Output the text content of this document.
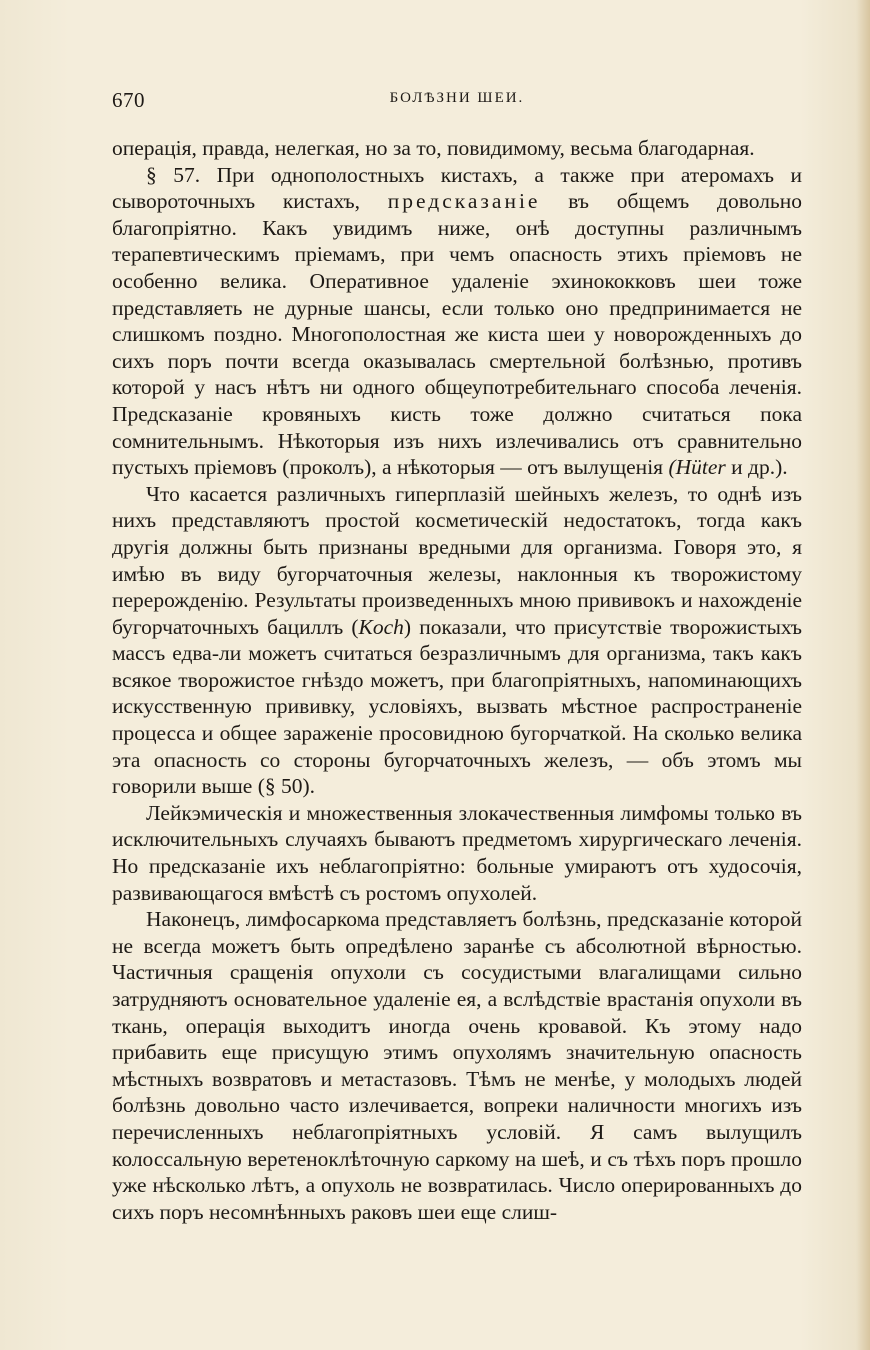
670	БОЛѢЗНИ ШЕИ.

операція, правда, нелегкая, но за то, повидимому, весьма благодарная.

§ 57. При однополостныхъ кистахъ, а также при атеромахъ и сывороточныхъ кистахъ, предсказаніе въ общемъ довольно благопріятно. Какъ увидимъ ниже, онѣ доступны различнымъ терапевтическимъ пріемамъ, при чемъ опасность этихъ пріемовъ не особенно велика. Оперативное удаленіе эхинококковъ шеи тоже представляеть не дурные шансы, если только оно предпринимается не слишкомъ поздно. Многополостная же киста шеи у новорожденныхъ до сихъ поръ почти всегда оказывалась смертельной болѣзнью, противъ которой у насъ нѣтъ ни одного общеупотребительнаго способа леченія. Предсказаніе кровяныхъ кисть тоже должно считаться пока сомнительнымъ. Нѣкоторыя изъ нихъ излечивались отъ сравнительно пустыхъ пріемовъ (проколъ), а нѣкоторыя — отъ вылущенія (Hüter и др.).

Что касается различныхъ гиперплазій шейныхъ железъ, то однѣ изъ нихъ представляютъ простой косметическій недостатокъ, тогда какъ другія должны быть признаны вредными для организма. Говоря это, я имѣю въ виду бугорчаточныя железы, наклонныя къ творожистому перерожденію. Результаты произведенныхъ мною прививокъ и нахожденіе бугорчаточныхъ бациллъ (Koch) показали, что присутствіе творожистыхъ массъ едва-ли можетъ считаться безразличнымъ для организма, такъ какъ всякое творожистое гнѣздо можетъ, при благопріятныхъ, напоминающихъ искусственную прививку, условіяхъ, вызвать мѣстное распространеніе процесса и общее зараженіе просовидною бугорчаткой. На сколько велика эта опасность со стороны бугорчаточныхъ железъ, — объ этомъ мы говорили выше (§ 50).

Лейкэмическія и множественныя злокачественныя лимфомы только въ исключительныхъ случаяхъ бываютъ предметомъ хирургическаго леченія. Но предсказаніе ихъ неблагопріятно: больные умираютъ отъ худосочія, развивающагося вмѣстѣ съ ростомъ опухолей.

Наконецъ, лимфосаркома представляетъ болѣзнь, предсказаніе которой не всегда можетъ быть опредѣлено заранѣе съ абсолютной вѣрностью. Частичныя сращенія опухоли съ сосудистыми влагалищами сильно затрудняютъ основательное удаленіе ея, а вслѣдствіе врастанія опухоли въ ткань, операція выходитъ иногда очень кровавой. Къ этому надо прибавить еще присущую этимъ опухолямъ значительную опасность мѣстныхъ возвратовъ и метастазовъ. Тѣмъ не менѣе, у молодыхъ людей болѣзнь довольно часто излечивается, вопреки наличности многихъ изъ перечисленныхъ неблагопріятныхъ условій. Я самъ вылущилъ колоссальную веретеноклѣточную саркому на шеѣ, и съ тѣхъ поръ прошло уже нѣсколько лѣтъ, а опухоль не возвратилась. Число оперированныхъ до сихъ поръ несомнѣнныхъ раковъ шеи еще слиш-
